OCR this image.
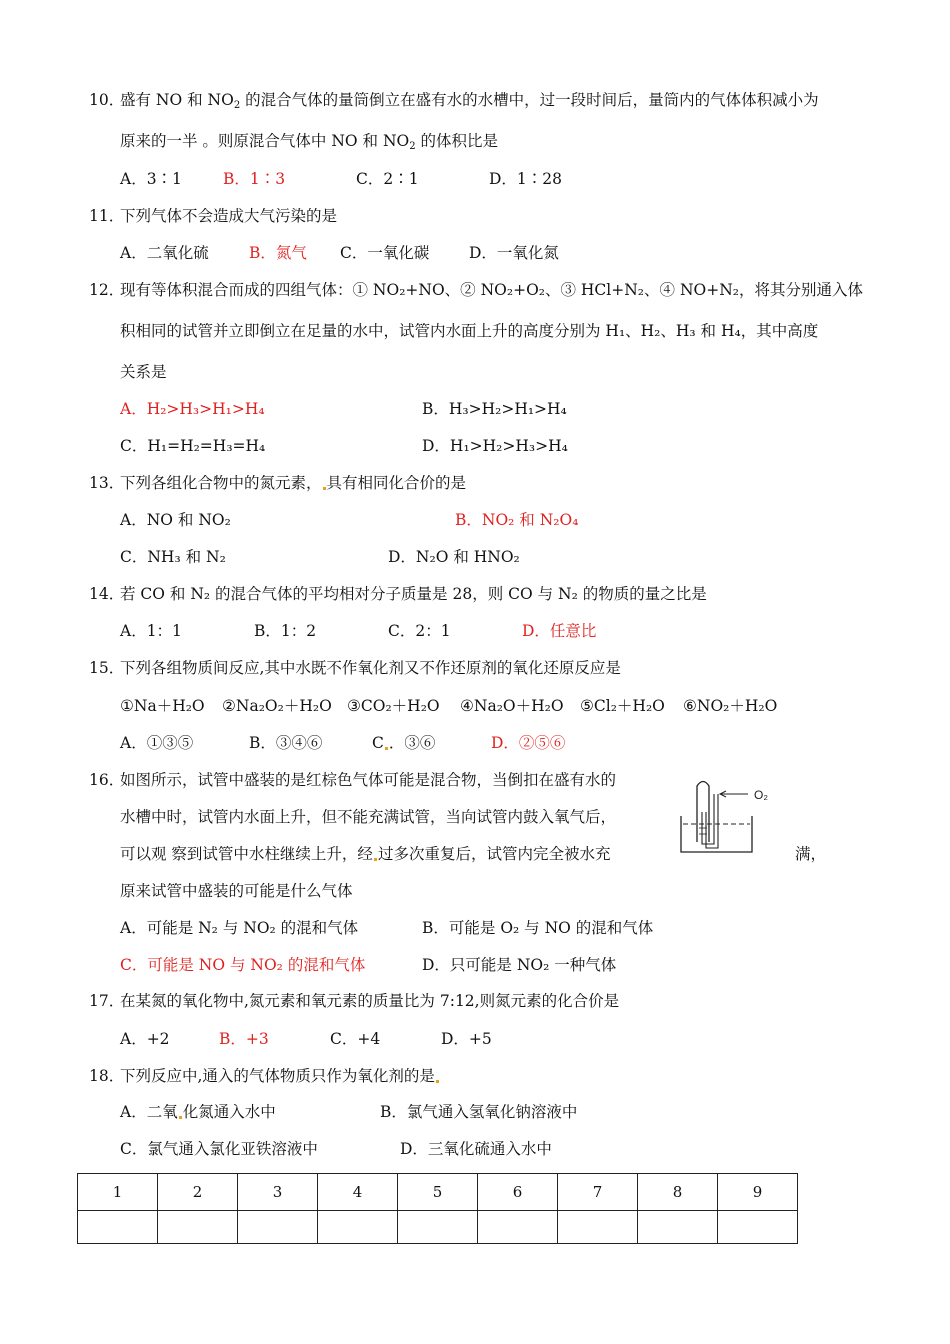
10．
盛有 NO 和 $NO_2$ 的混合气体的量筒倒立在盛有水的水槽中，过一段时间后，量筒内的气体体积减小为
原来的一半 。则原混合气体中 NO 和 $NO_2$ 的体积比是
A．3∶1	B．1∶3	C．2∶1	D．1∶28
11．
下列气体不会造成大气污染的是
A．二氧化硫	B．氮气 C．一氧化碳	D．一氧化氮
12．
现有等体积混合而成的四组气体：① NO₂+NO、② NO₂+O₂、③ HCl+N₂、④ NO+N₂，将其分别通入体
积相同的试管并立即倒立在足量的水中，试管内水面上升的高度分别为 H₁、H₂、H₃ 和 H₄，其中高度
关系是
A．H₂>H₃>H₁>H₄	B．H₃>H₂>H₁>H₄
C．H₁=H₂=H₃=H₄	D．H₁>H₂>H₃>H₄
13．
下列各组化合物中的氮元素， 具有相同化合价的是
A．NO 和 NO₂	B．NO₂ 和 N₂O₄
C．NH₃ 和 N₂	D．N₂O 和 HNO₂
14．
若 CO 和 N₂ 的混合气体的平均相对分子质量是 28，则 CO 与 N₂ 的物质的量之比是
A．1：1	B．1：2	C．2：1	D．任意比
15．
下列各组物质间反应,其中水既不作氧化剂又不作还原剂的氧化还原反应是
①Na＋H₂O ②Na₂O₂＋H₂O ③CO₂＋H₂O ④Na₂O＋H₂O ⑤Cl₂＋H₂O ⑥NO₂＋H₂O
A．①③⑤	B．③④⑥	C ．③⑥	D．②⑤⑥
16．
如图所示，试管中盛装的是红棕色气体可能是混合物，当倒扣在盛有水的
水槽中时，试管内水面上升，但不能充满试管，当向试管内鼓入氧气后，
可以观 察到试管中水柱继续上升，经 过多次重复后，试管内完全被水充	满，
原来试管中盛装的可能是什么气体
O₂
A．可能是 N₂ 与 NO₂ 的混和气体	B．可能是 O₂ 与 NO 的混和气体
C．可能是 NO 与 NO₂ 的混和气体	D．只可能是 NO₂ 一种气体
17．
在某氮的氧化物中,氮元素和氧元素的质量比为 7:12,则氮元素的化合价是
A．+2	B．+3	C．+4	D．+5
18．
下列反应中,通入的气体物质只作为氧化剂的是
A．二氧 化氮通入水中	B．氯气通入氢氧化钠溶液中
C．氯气通入氯化亚铁溶液中	D．三氧化硫通入水中
1	2	3	4	5	6	7	8	9
